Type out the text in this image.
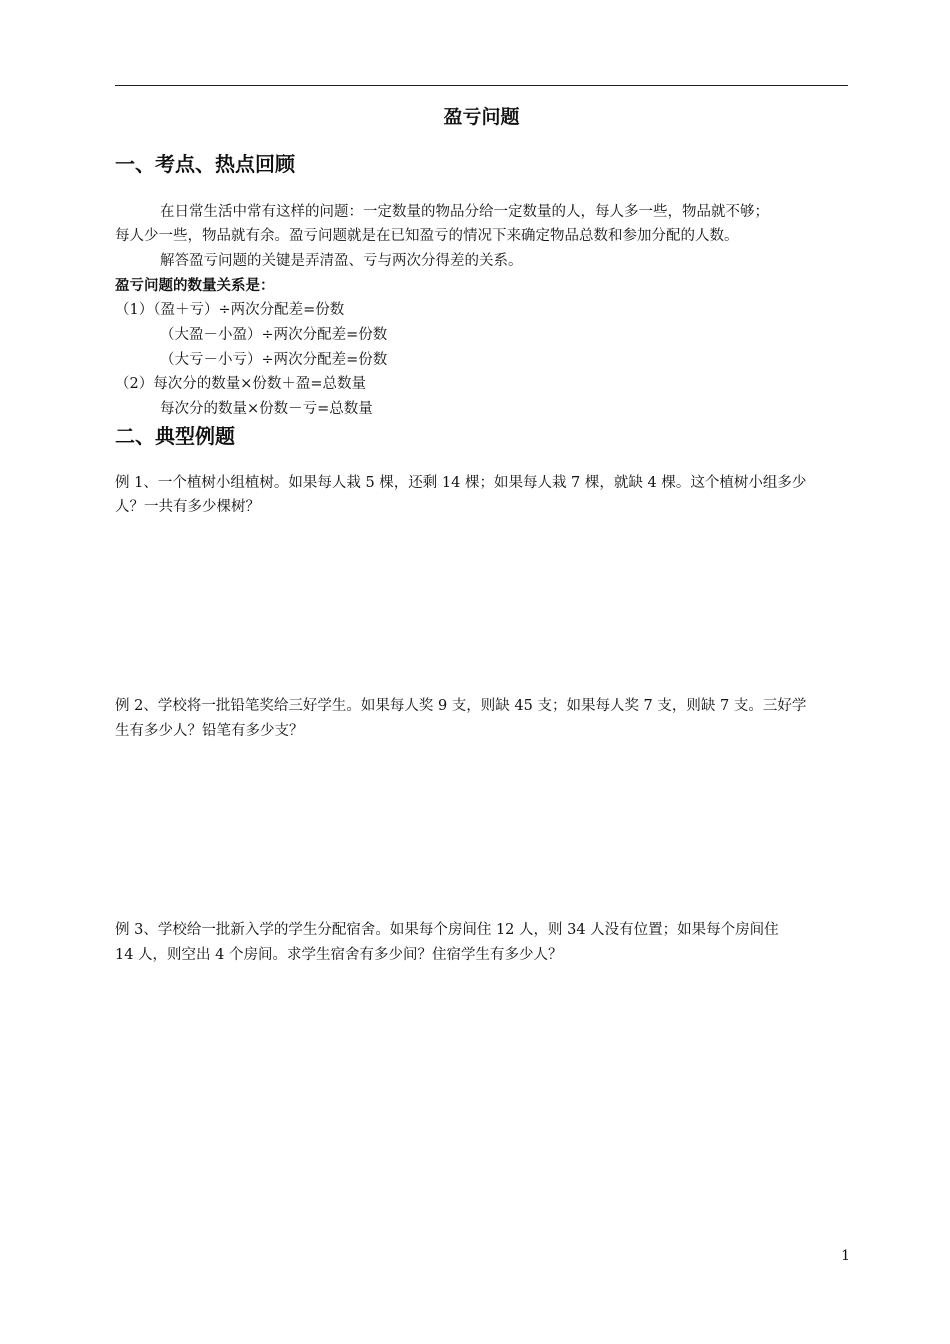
盈亏问题
一、考点、热点回顾
在日常生活中常有这样的问题：一定数量的物品分给一定数量的人，每人多一些，物品就不够；
每人少一些，物品就有余。盈亏问题就是在已知盈亏的情况下来确定物品总数和参加分配的人数。
解答盈亏问题的关键是弄清盈、亏与两次分得差的关系。
盈亏问题的数量关系是：
（1）（盈＋亏）÷两次分配差=份数
（大盈－小盈）÷两次分配差=份数
（大亏－小亏）÷两次分配差=份数
（2）每次分的数量×份数＋盈=总数量
每次分的数量×份数－亏=总数量
二、典型例题
例 1、一个植树小组植树。如果每人栽 5 棵，还剩 14 棵；如果每人栽 7 棵，就缺 4 棵。这个植树小组多少
人？一共有多少棵树？
例 2、学校将一批铅笔奖给三好学生。如果每人奖 9 支，则缺 45 支；如果每人奖 7 支，则缺 7 支。三好学
生有多少人？铅笔有多少支？
例 3、学校给一批新入学的学生分配宿舍。如果每个房间住 12 人，则 34 人没有位置；如果每个房间住
14 人，则空出 4 个房间。求学生宿舍有多少间？住宿学生有多少人？
1
